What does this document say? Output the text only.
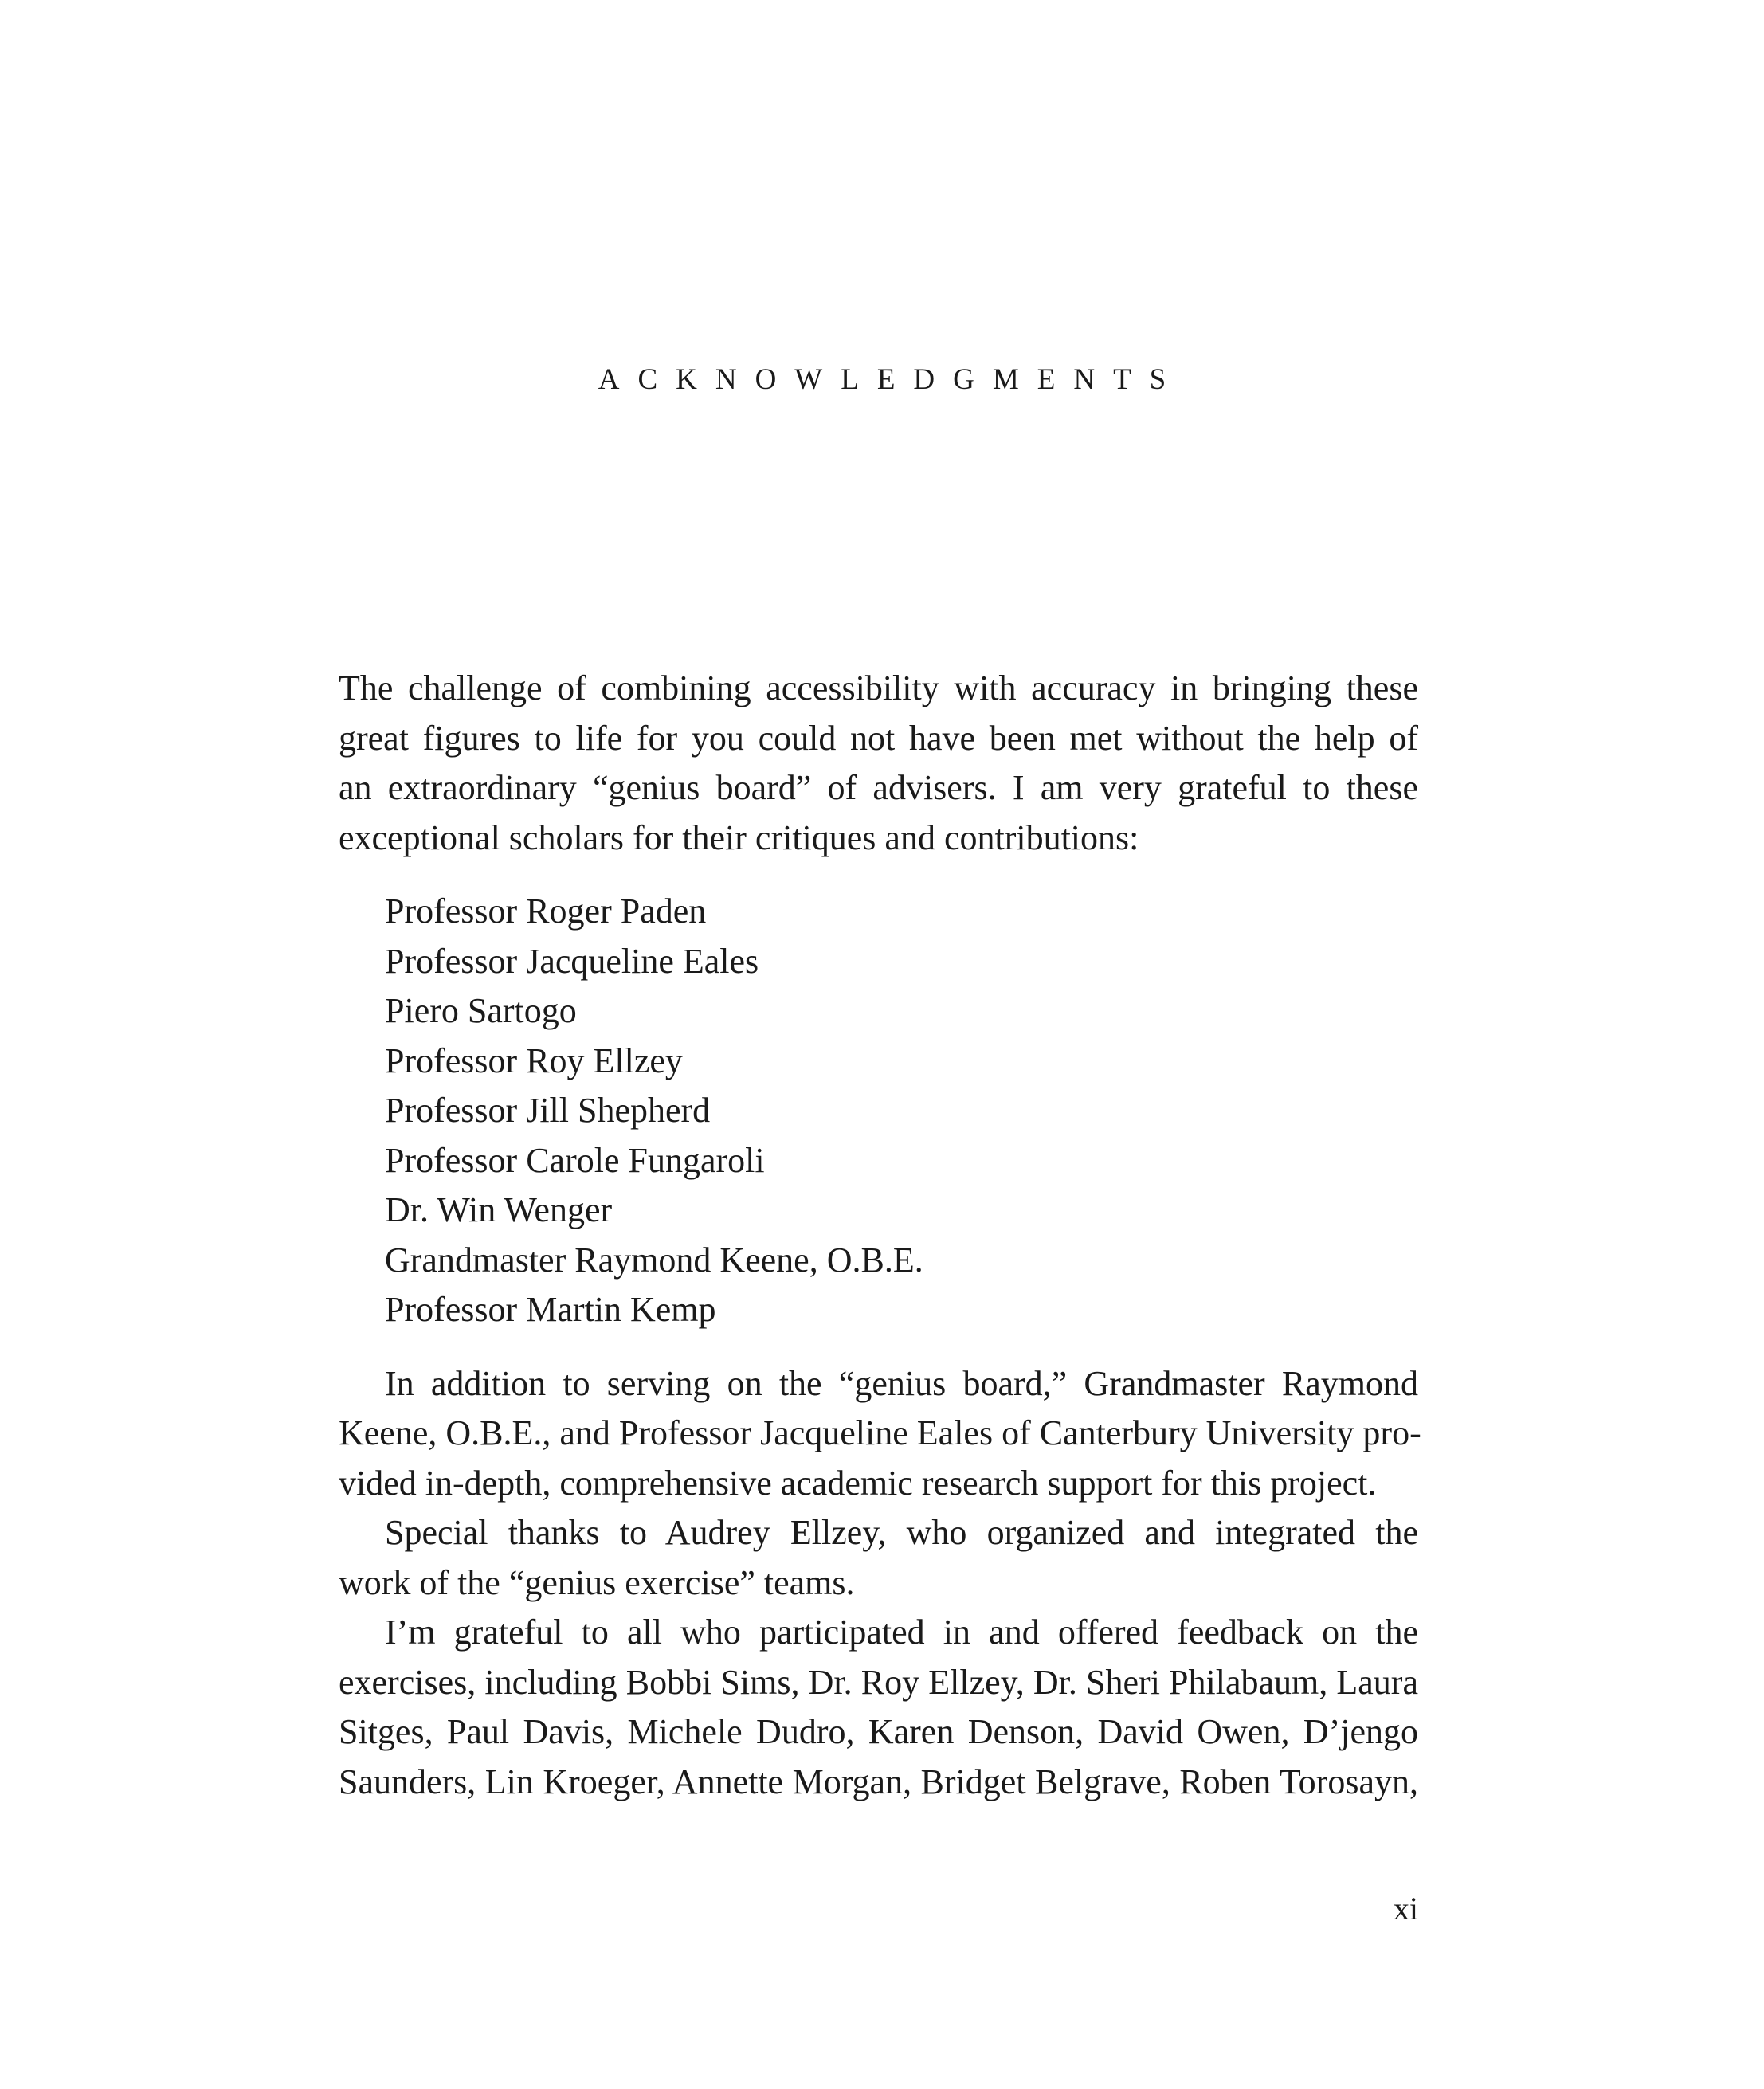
ACKNOWLEDGMENTS

The challenge of combining accessibility with accuracy in bringing these

great figures to life for you could not have been met without the help of

an extraordinary “genius board” of advisers. I am very grateful to these

exceptional scholars for their critiques and contributions:

Professor Roger Paden
Professor Jacqueline Eales
Piero Sartogo
Professor Roy Ellzey
Professor Jill Shepherd
Professor Carole Fungaroli
Dr. Win Wenger
Grandmaster Raymond Keene, O.B.E.
Professor Martin Kemp

In addition to serving on the “genius board,” Grandmaster Raymond

Keene, O.B.E., and Professor Jacqueline Eales of Canterbury University pro-

vided in-depth, comprehensive academic research support for this project.

Special thanks to Audrey Ellzey, who organized and integrated the

work of the “genius exercise” teams.

I’m grateful to all who participated in and offered feedback on the

exercises, including Bobbi Sims, Dr. Roy Ellzey, Dr. Sheri Philabaum, Laura

Sitges, Paul Davis, Michele Dudro, Karen Denson, David Owen, D’jengo

Saunders, Lin Kroeger, Annette Morgan, Bridget Belgrave, Roben Torosayn,

xi
